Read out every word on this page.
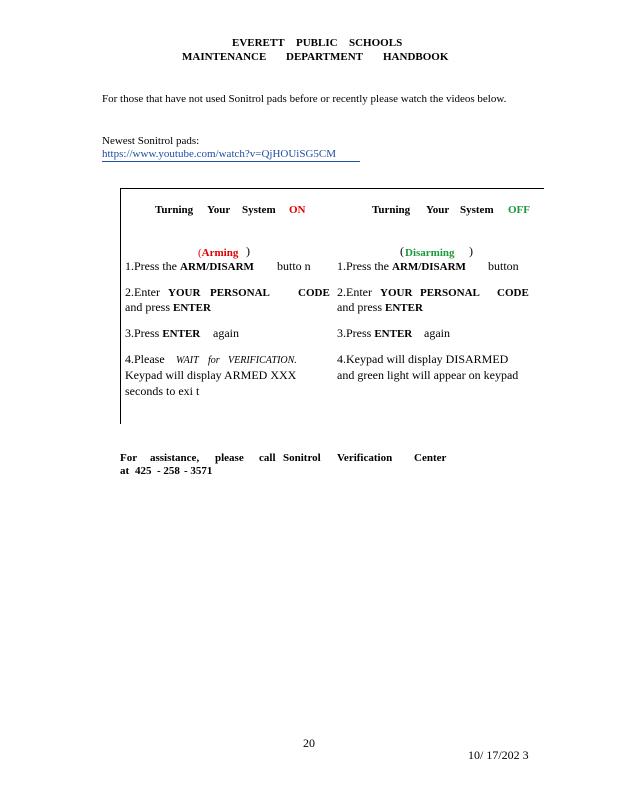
EVERETT PUBLIC SCHOOLS
MAINTENANCE DEPARTMENT HANDBOOK
For those that have not used Sonitrol pads before or recently please watch the videos below.
Newest Sonitrol pads:
https://www.youtube.com/watch?v=QjHOUiSG5CM
Turning Your System ON	Turning Your System OFF
(Arming )
1.Press the ARM/DISARM butto n
2.Enter YOUR PERSONAL	CODE
and press ENTER
3.Press ENTER again
4.Please WAIT for VERIFICATION.
Keypad will display ARMED XXX
seconds to exi t
( Disarming )
1.Press the ARM/DISARM button
2.Enter YOUR PERSONAL CODE
and press ENTER
3.Press ENTER again
4.Keypad will display DISARMED
and green light will appear on keypad
For assistance, please call Sonitrol Verification Center
at 425 - 258 - 3571
20
10/ 17/202 3
